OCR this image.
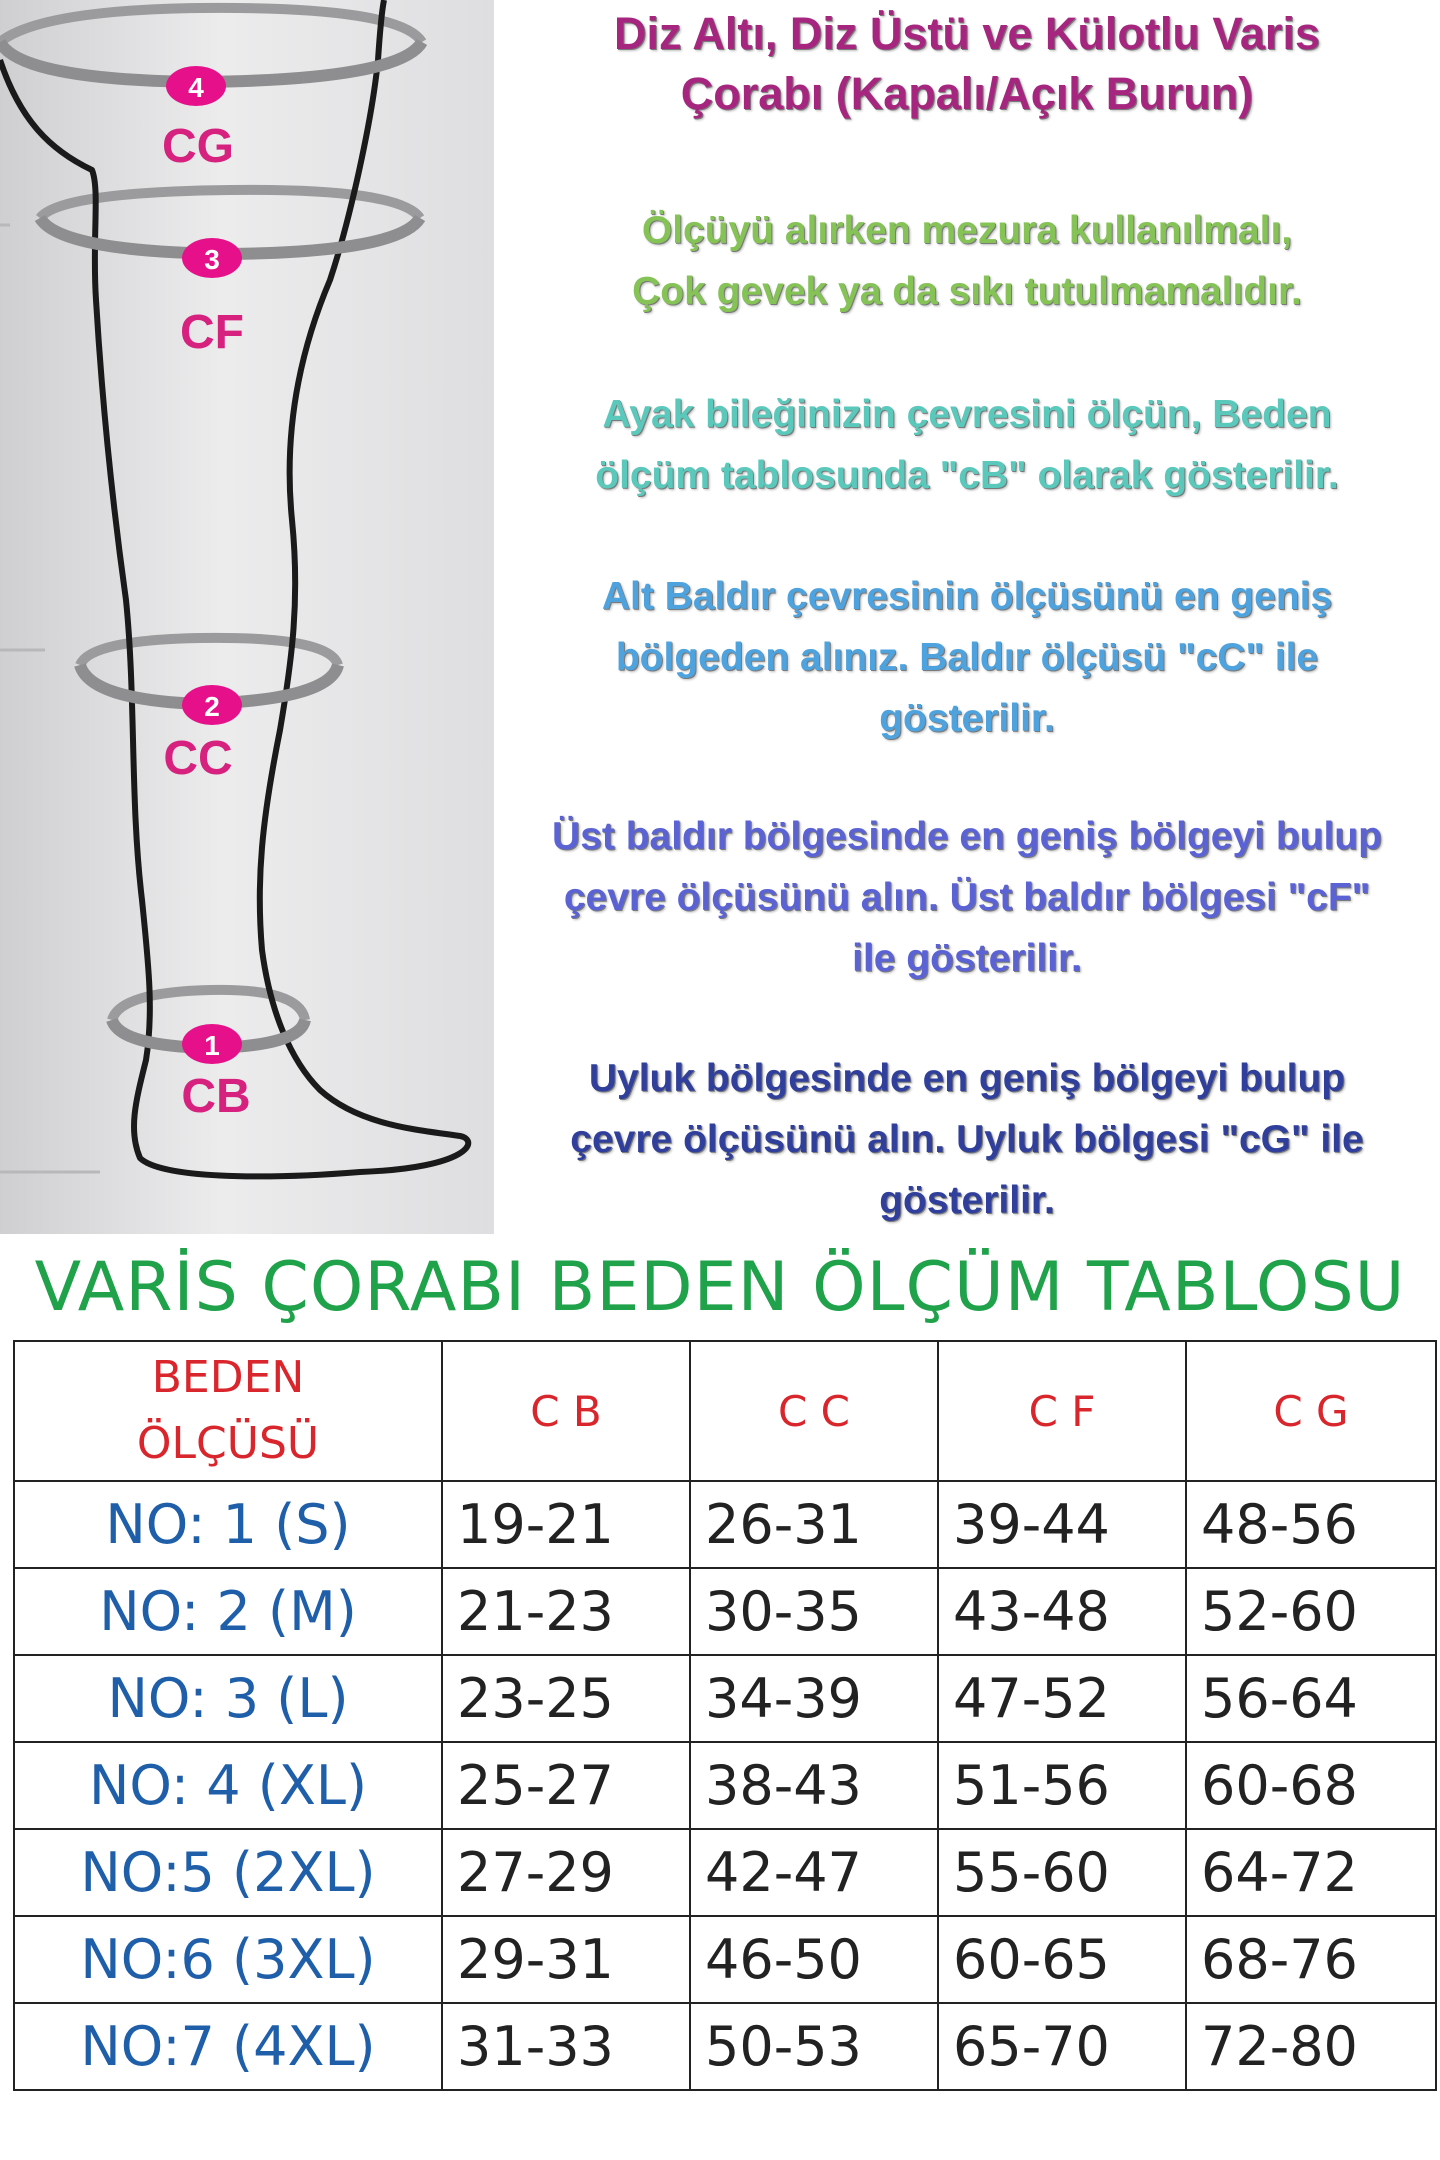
4
CG
3
CF
2
CC
1
CB
Diz Altı, Diz Üstü ve Külotlu Varis
Çorabı (Kapalı/Açık Burun)
Ölçüyü alırken mezura kullanılmalı,
Çok gevek ya da sıkı tutulmamalıdır.
Ayak bileğinizin çevresini ölçün, Beden
ölçüm tablosunda "cB" olarak gösterilir.
Alt Baldır çevresinin ölçüsünü en geniş
bölgeden alınız. Baldır ölçüsü "cC" ile
gösterilir.
Üst baldır bölgesinde en geniş bölgeyi bulup
çevre ölçüsünü alın. Üst baldır bölgesi "cF"
ile gösterilir.
Uyluk bölgesinde en geniş bölgeyi bulup
çevre ölçüsünü alın. Uyluk bölgesi "cG" ile
gösterilir.
VARİS ÇORABI BEDEN ÖLÇÜM TABLOSU
BEDEN
ÖLÇÜSÜ	C B	C C	C F	C G
NO: 1 (S)	19-21	26-31	39-44	48-56
NO: 2 (M)	21-23	30-35	43-48	52-60
NO: 3 (L)	23-25	34-39	47-52	56-64
NO: 4 (XL)	25-27	38-43	51-56	60-68
NO:5 (2XL)	27-29	42-47	55-60	64-72
NO:6 (3XL)	29-31	46-50	60-65	68-76
NO:7 (4XL)	31-33	50-53	65-70	72-80
